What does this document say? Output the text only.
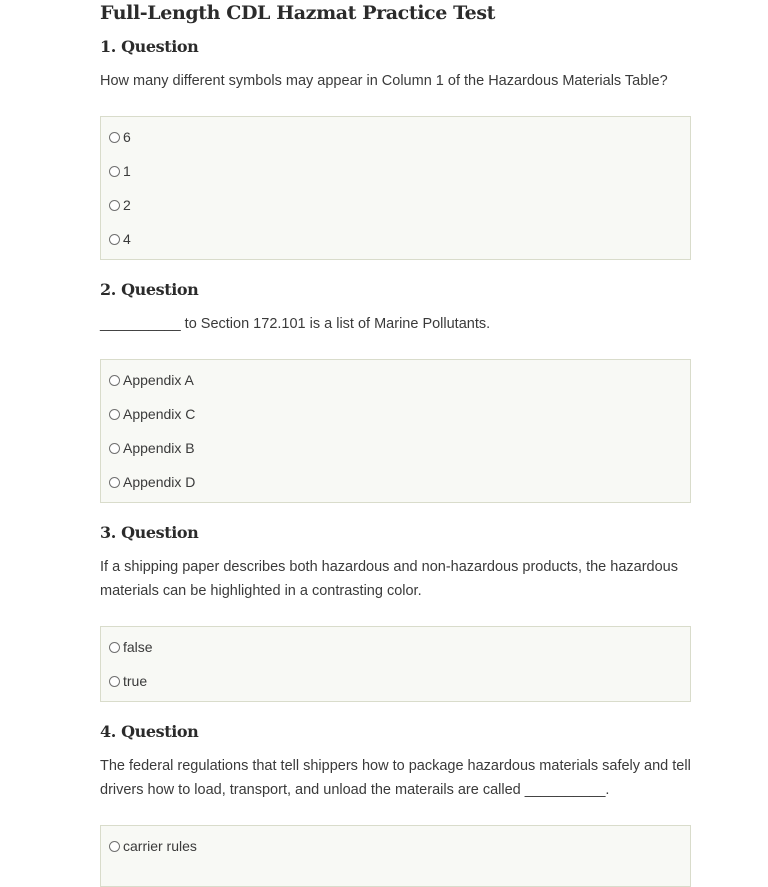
Full-Length CDL Hazmat Practice Test
1. Question
How many different symbols may appear in Column 1 of the Hazardous Materials Table?
6
1
2
4
2. Question
__________ to Section 172.101 is a list of Marine Pollutants.
Appendix A
Appendix C
Appendix B
Appendix D
3. Question
If a shipping paper describes both hazardous and non-hazardous products, the hazardous materials can be highlighted in a contrasting color.
false
true
4. Question
The federal regulations that tell shippers how to package hazardous materials safely and tell drivers how to load, transport, and unload the materails are called __________.
carrier rules
